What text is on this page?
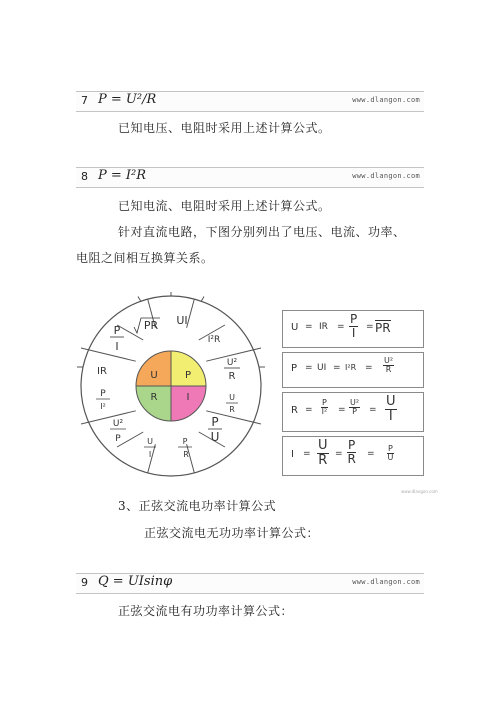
7 P = U²/R	www.dlangon.com
已知电压、电阻时采用上述计算公式。
8 P = I²R	www.dlangon.com
已知电流、电阻时采用上述计算公式。
针对直流电路，下图分别列出了电压、电流、功率、
电阻之间相互换算关系。
U	P
R	I
UI
I²R
U²
R
U
R
P
U
P
R
U
I
U²
P
P
I²
IR
P
I
PR	U = IR =
P
I	= PR
P = UI = I²R =
U²
R
R =
P
I² =
U²
P	=
U
I
I =
U
R =
P
R =
P
U
www.dlangon.com
3、正弦交流电功率计算公式
正弦交流电无功功率计算公式：
9 Q = UIsinφ	www.dlangon.com
正弦交流电有功功率计算公式：
